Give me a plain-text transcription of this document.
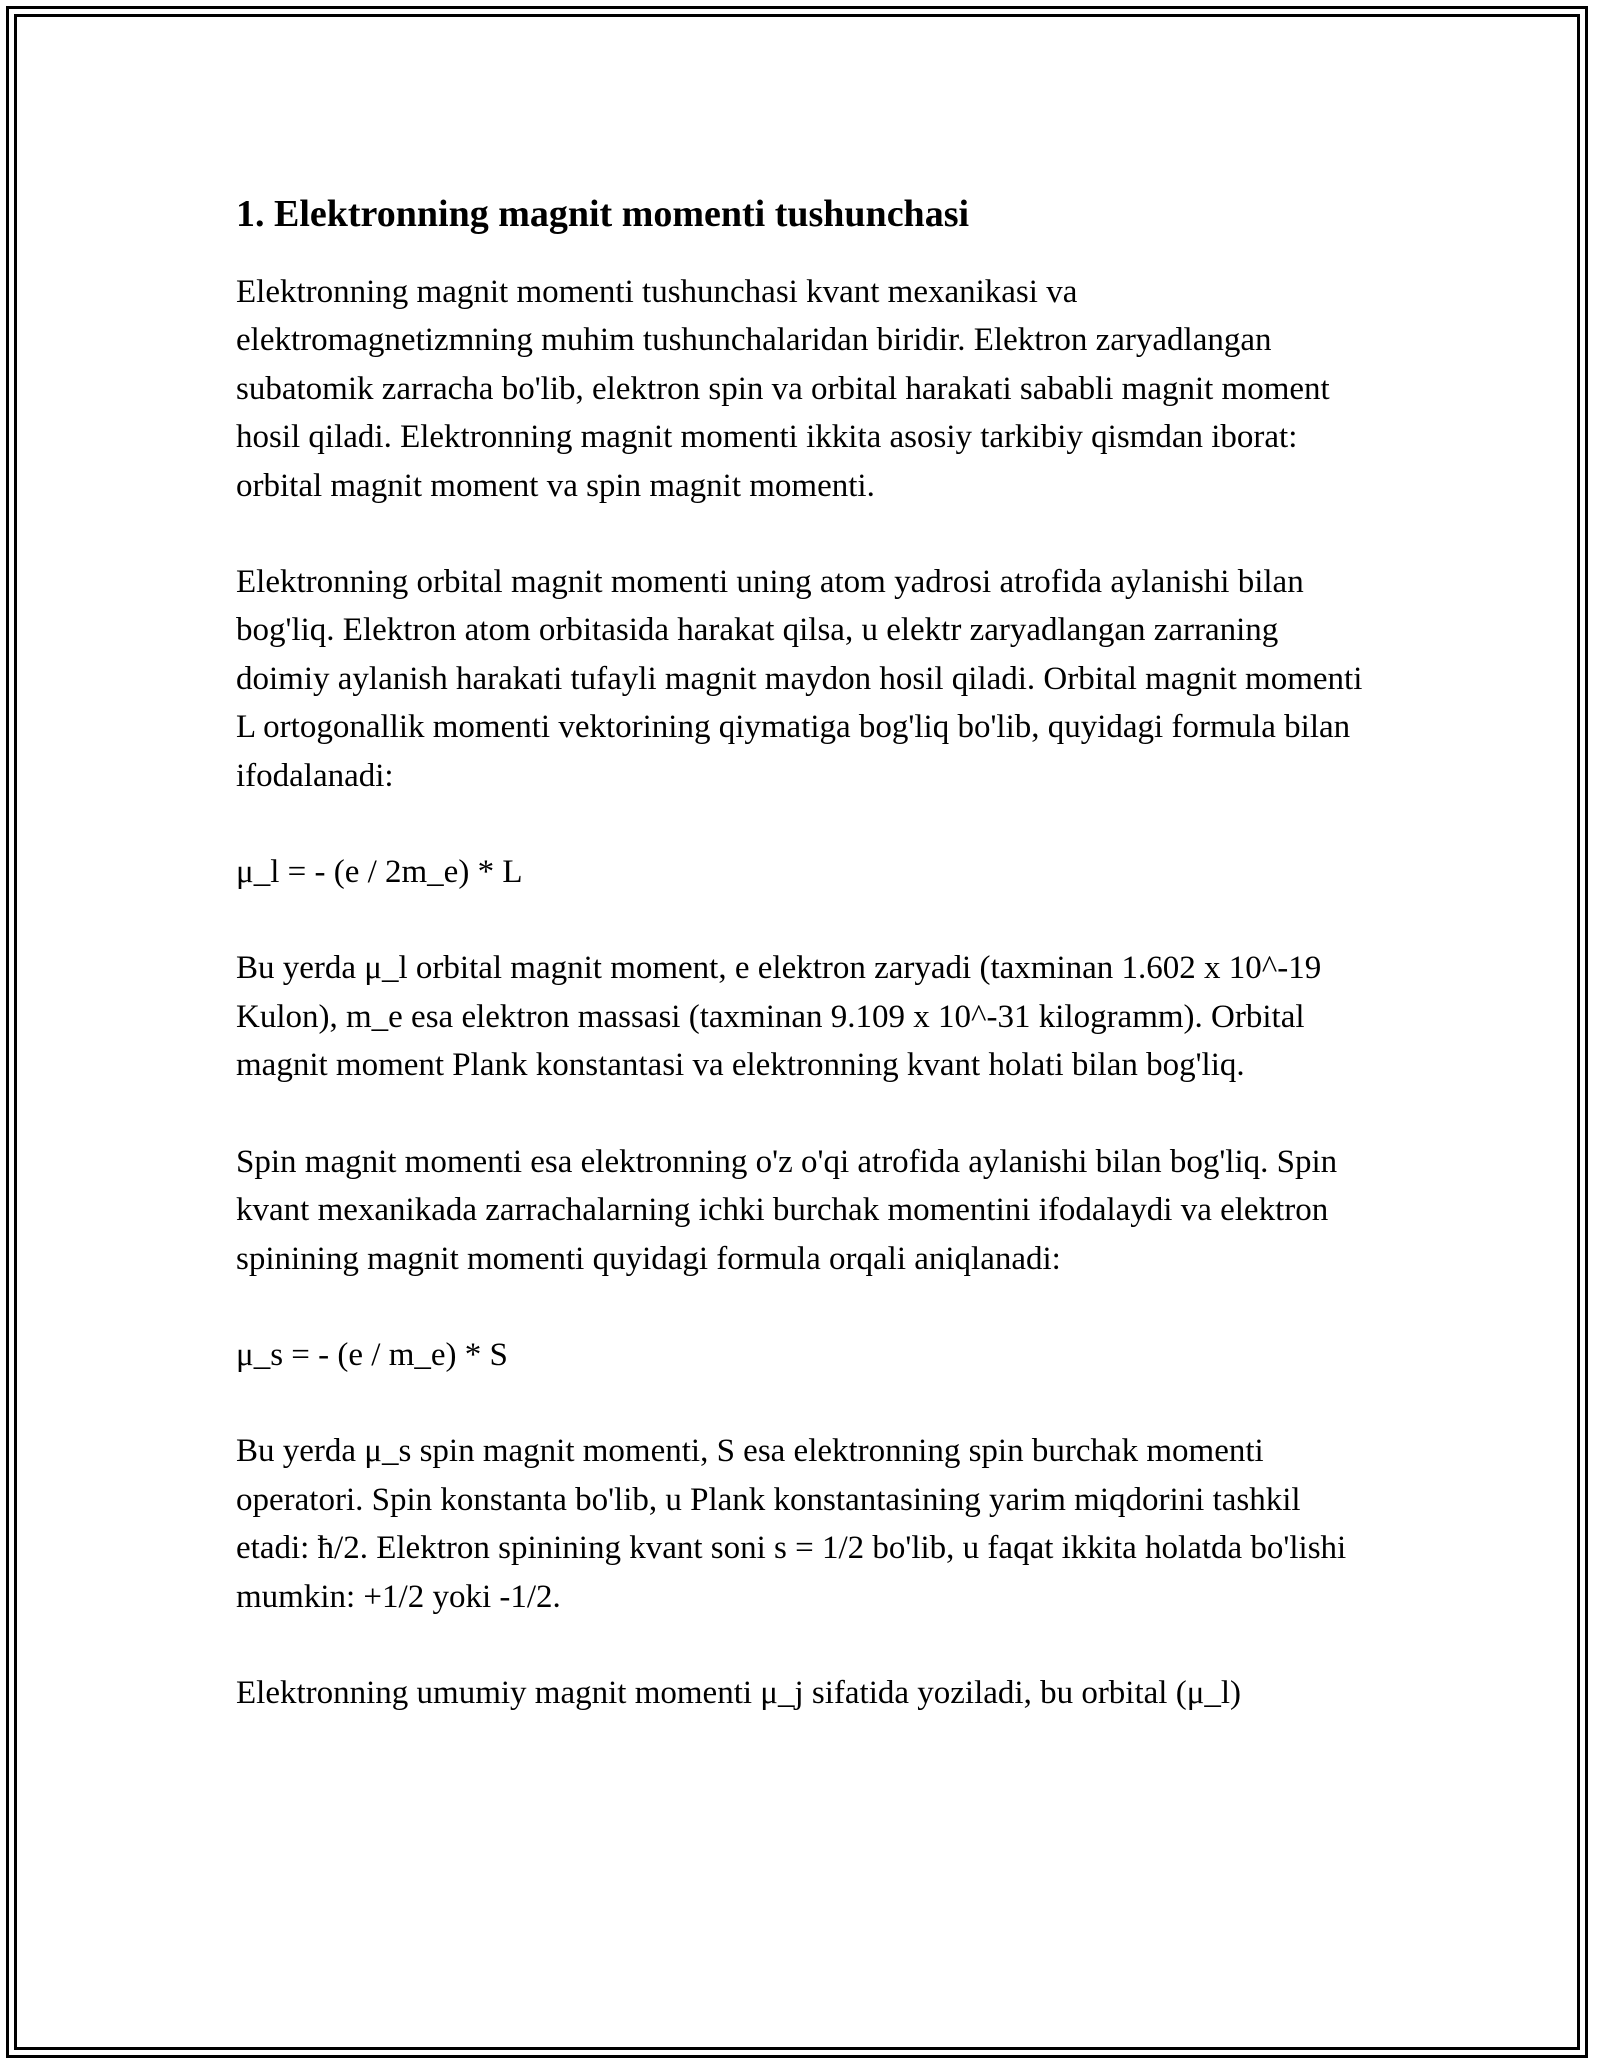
1. Elektronning magnit momenti tushunchasi

Elektronning magnit momenti tushunchasi kvant mexanikasi va elektromagnetizmning muhim tushunchalaridan biridir. Elektron zaryadlangan subatomik zarracha bo'lib, elektron spin va orbital harakati sababli magnit moment hosil qiladi. Elektronning magnit momenti ikkita asosiy tarkibiy qismdan iborat: orbital magnit moment va spin magnit momenti.

Elektronning orbital magnit momenti uning atom yadrosi atrofida aylanishi bilan bog'liq. Elektron atom orbitasida harakat qilsa, u elektr zaryadlangan zarraning doimiy aylanish harakati tufayli magnit maydon hosil qiladi. Orbital magnit momenti L ortogonallik momenti vektorining qiymatiga bog'liq bo'lib, quyidagi formula bilan ifodalanadi:

μ_l = - (e / 2m_e) * L

Bu yerda μ_l orbital magnit moment, e elektron zaryadi (taxminan 1.602 x 10^-19 Kulon), m_e esa elektron massasi (taxminan 9.109 x 10^-31 kilogramm). Orbital magnit moment Plank konstantasi va elektronning kvant holati bilan bog'liq.

Spin magnit momenti esa elektronning o'z o'qi atrofida aylanishi bilan bog'liq. Spin kvant mexanikada zarrachalarning ichki burchak momentini ifodalaydi va elektron spinining magnit momenti quyidagi formula orqali aniqlanadi:

μ_s = - (e / m_e) * S

Bu yerda μ_s spin magnit momenti, S esa elektronning spin burchak momenti operatori. Spin konstanta bo'lib, u Plank konstantasining yarim miqdorini tashkil etadi: ħ/2. Elektron spinining kvant soni s = 1/2 bo'lib, u faqat ikkita holatda bo'lishi mumkin: +1/2 yoki -1/2.

Elektronning umumiy magnit momenti μ_j sifatida yoziladi, bu orbital (μ_l)
